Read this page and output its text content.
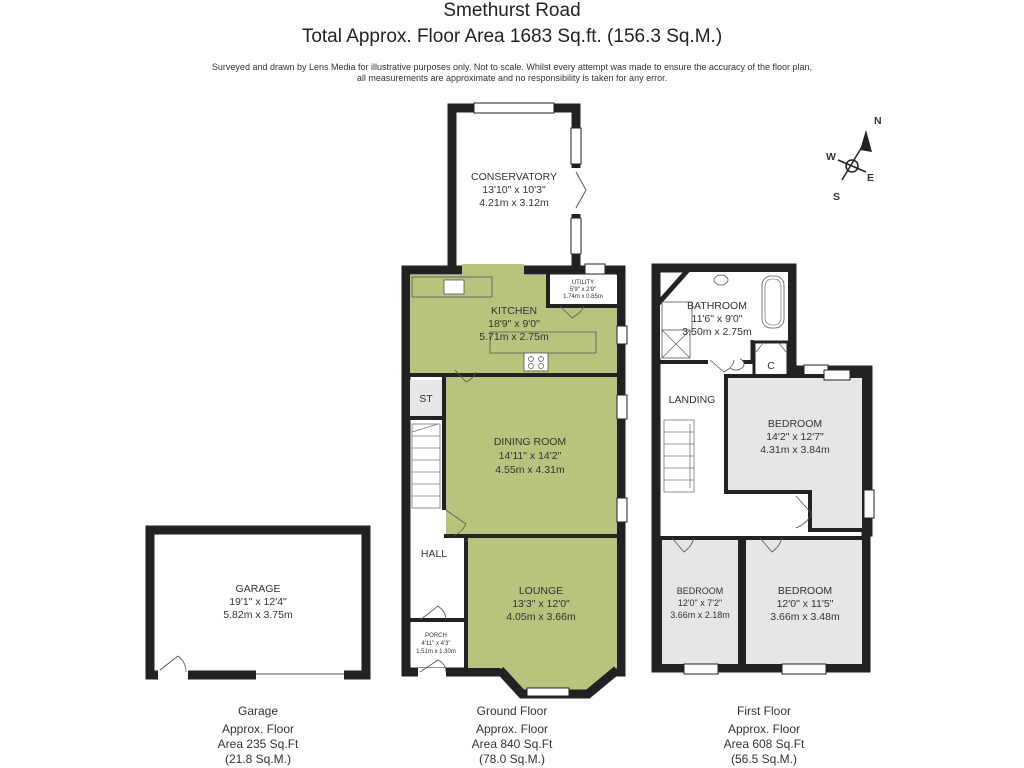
Smethurst Road
Total Approx. Floor Area 1683 Sq.ft. (156.3 Sq.M.)
Surveyed and drawn by Lens Media for illustrative purposes only. Not to scale. Whilst every attempt was made to ensure the accuracy of the floor plan,
all measurements are approximate and no responsibility is taken for any error.
N
E
S
W
GARAGE
19'1" x 12'4"
5.82m x 3.75m
CONSERVATORY
13'10" x 10'3"
4.21m x 3.12m
KITCHEN
18'9" x 9'0"
5.71m x 2.75m
UTILITY
5'9" x 2'9"
1.74m x 0.85m
ST
DINING ROOM
14'11" x 14'2"
4.55m x 4.31m
HALL
LOUNGE
13'3" x 12'0"
4.05m x 3.66m
PORCH
4'11" x 4'3"
1.51m x 1.30m
C
BATHROOM
11'6" x 9'0"
3.50m x 2.75m
LANDING
BEDROOM
14'2" x 12'7"
4.31m x 3.84m
BEDROOM
12'0" x 7'2"
3.66m x 2.18m
BEDROOM
12'0" x 11'5"
3.66m x 3.48m
Garage
Approx. Floor
Area 235 Sq.Ft
(21.8 Sq.M.)
Ground Floor
Approx. Floor
Area 840 Sq.Ft
(78.0 Sq.M.)
First Floor
Approx. Floor
Area 608 Sq.Ft
(56.5 Sq.M.)
